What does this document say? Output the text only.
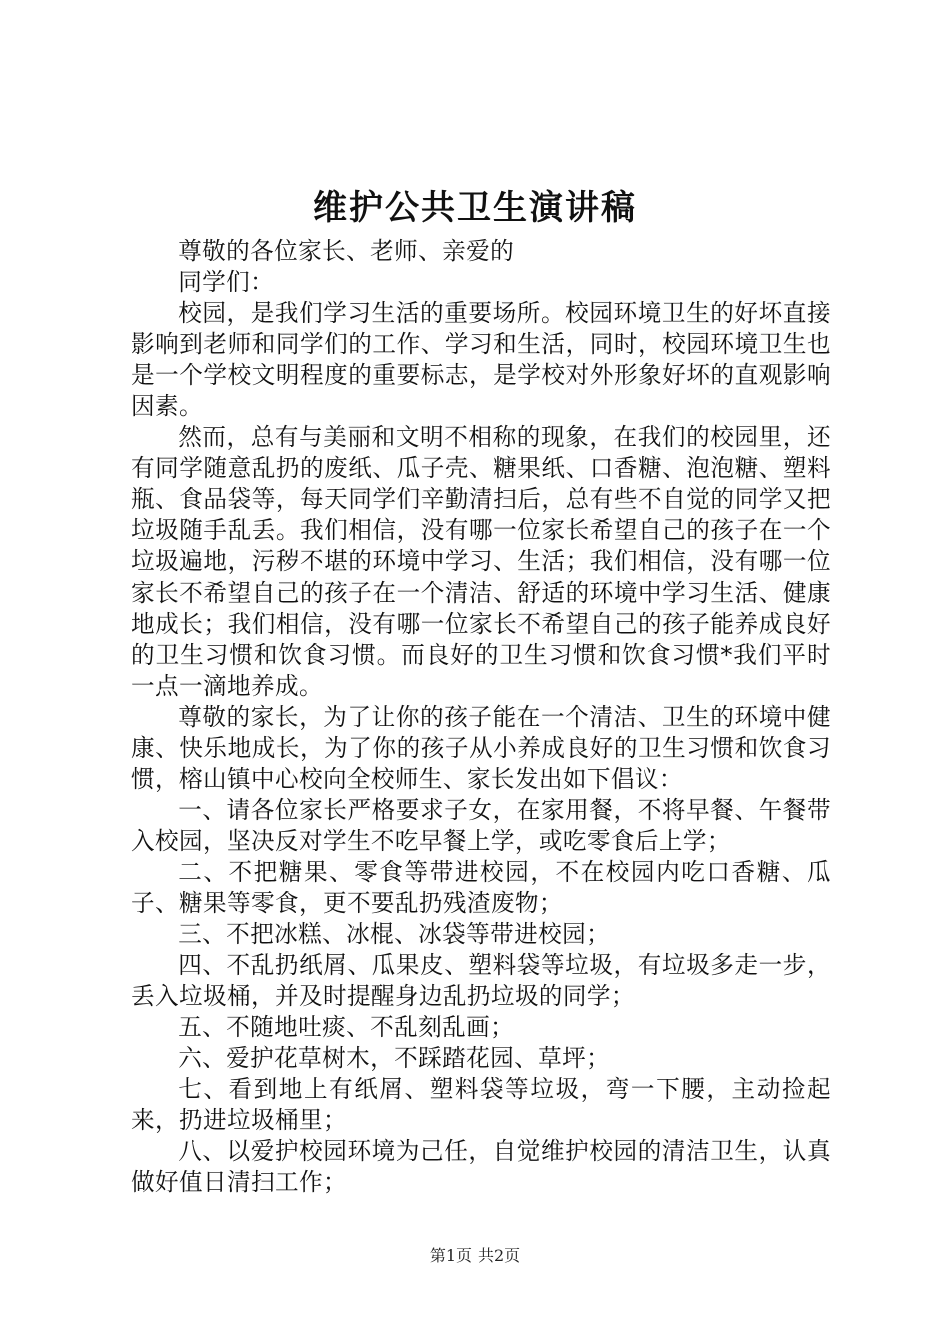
维护公共卫生演讲稿

尊敬的各位家长、老师、亲爱的

同学们：

校园，是我们学习生活的重要场所。校园环境卫生的好坏直接影响到老师和同学们的工作、学习和生活，同时，校园环境卫生也是一个学校文明程度的重要标志，是学校对外形象好坏的直观影响因素。

然而，总有与美丽和文明不相称的现象，在我们的校园里，还有同学随意乱扔的废纸、瓜子壳、糖果纸、口香糖、泡泡糖、塑料瓶、食品袋等，每天同学们辛勤清扫后，总有些不自觉的同学又把垃圾随手乱丢。我们相信，没有哪一位家长希望自己的孩子在一个垃圾遍地，污秽不堪的环境中学习、生活；我们相信，没有哪一位家长不希望自己的孩子在一个清洁、舒适的环境中学习生活、健康地成长；我们相信，没有哪一位家长不希望自己的孩子能养成良好的卫生习惯和饮食习惯。而良好的卫生习惯和饮食习惯*我们平时一点一滴地养成。

尊敬的家长，为了让你的孩子能在一个清洁、卫生的环境中健康、快乐地成长，为了你的孩子从小养成良好的卫生习惯和饮食习惯，榕山镇中心校向全校师生、家长发出如下倡议：

一、请各位家长严格要求子女，在家用餐，不将早餐、午餐带入校园，坚决反对学生不吃早餐上学，或吃零食后上学；

二、不把糖果、零食等带进校园，不在校园内吃口香糖、瓜子、糖果等零食，更不要乱扔残渣废物；

三、不把冰糕、冰棍、冰袋等带进校园；

四、不乱扔纸屑、瓜果皮、塑料袋等垃圾，有垃圾多走一步，丢入垃圾桶，并及时提醒身边乱扔垃圾的同学；

五、不随地吐痰、不乱刻乱画；

六、爱护花草树木，不踩踏花园、草坪；

七、看到地上有纸屑、塑料袋等垃圾，弯一下腰，主动捡起来，扔进垃圾桶里；

八、以爱护校园环境为己任，自觉维护校园的清洁卫生，认真做好值日清扫工作；

第1页 共2页
